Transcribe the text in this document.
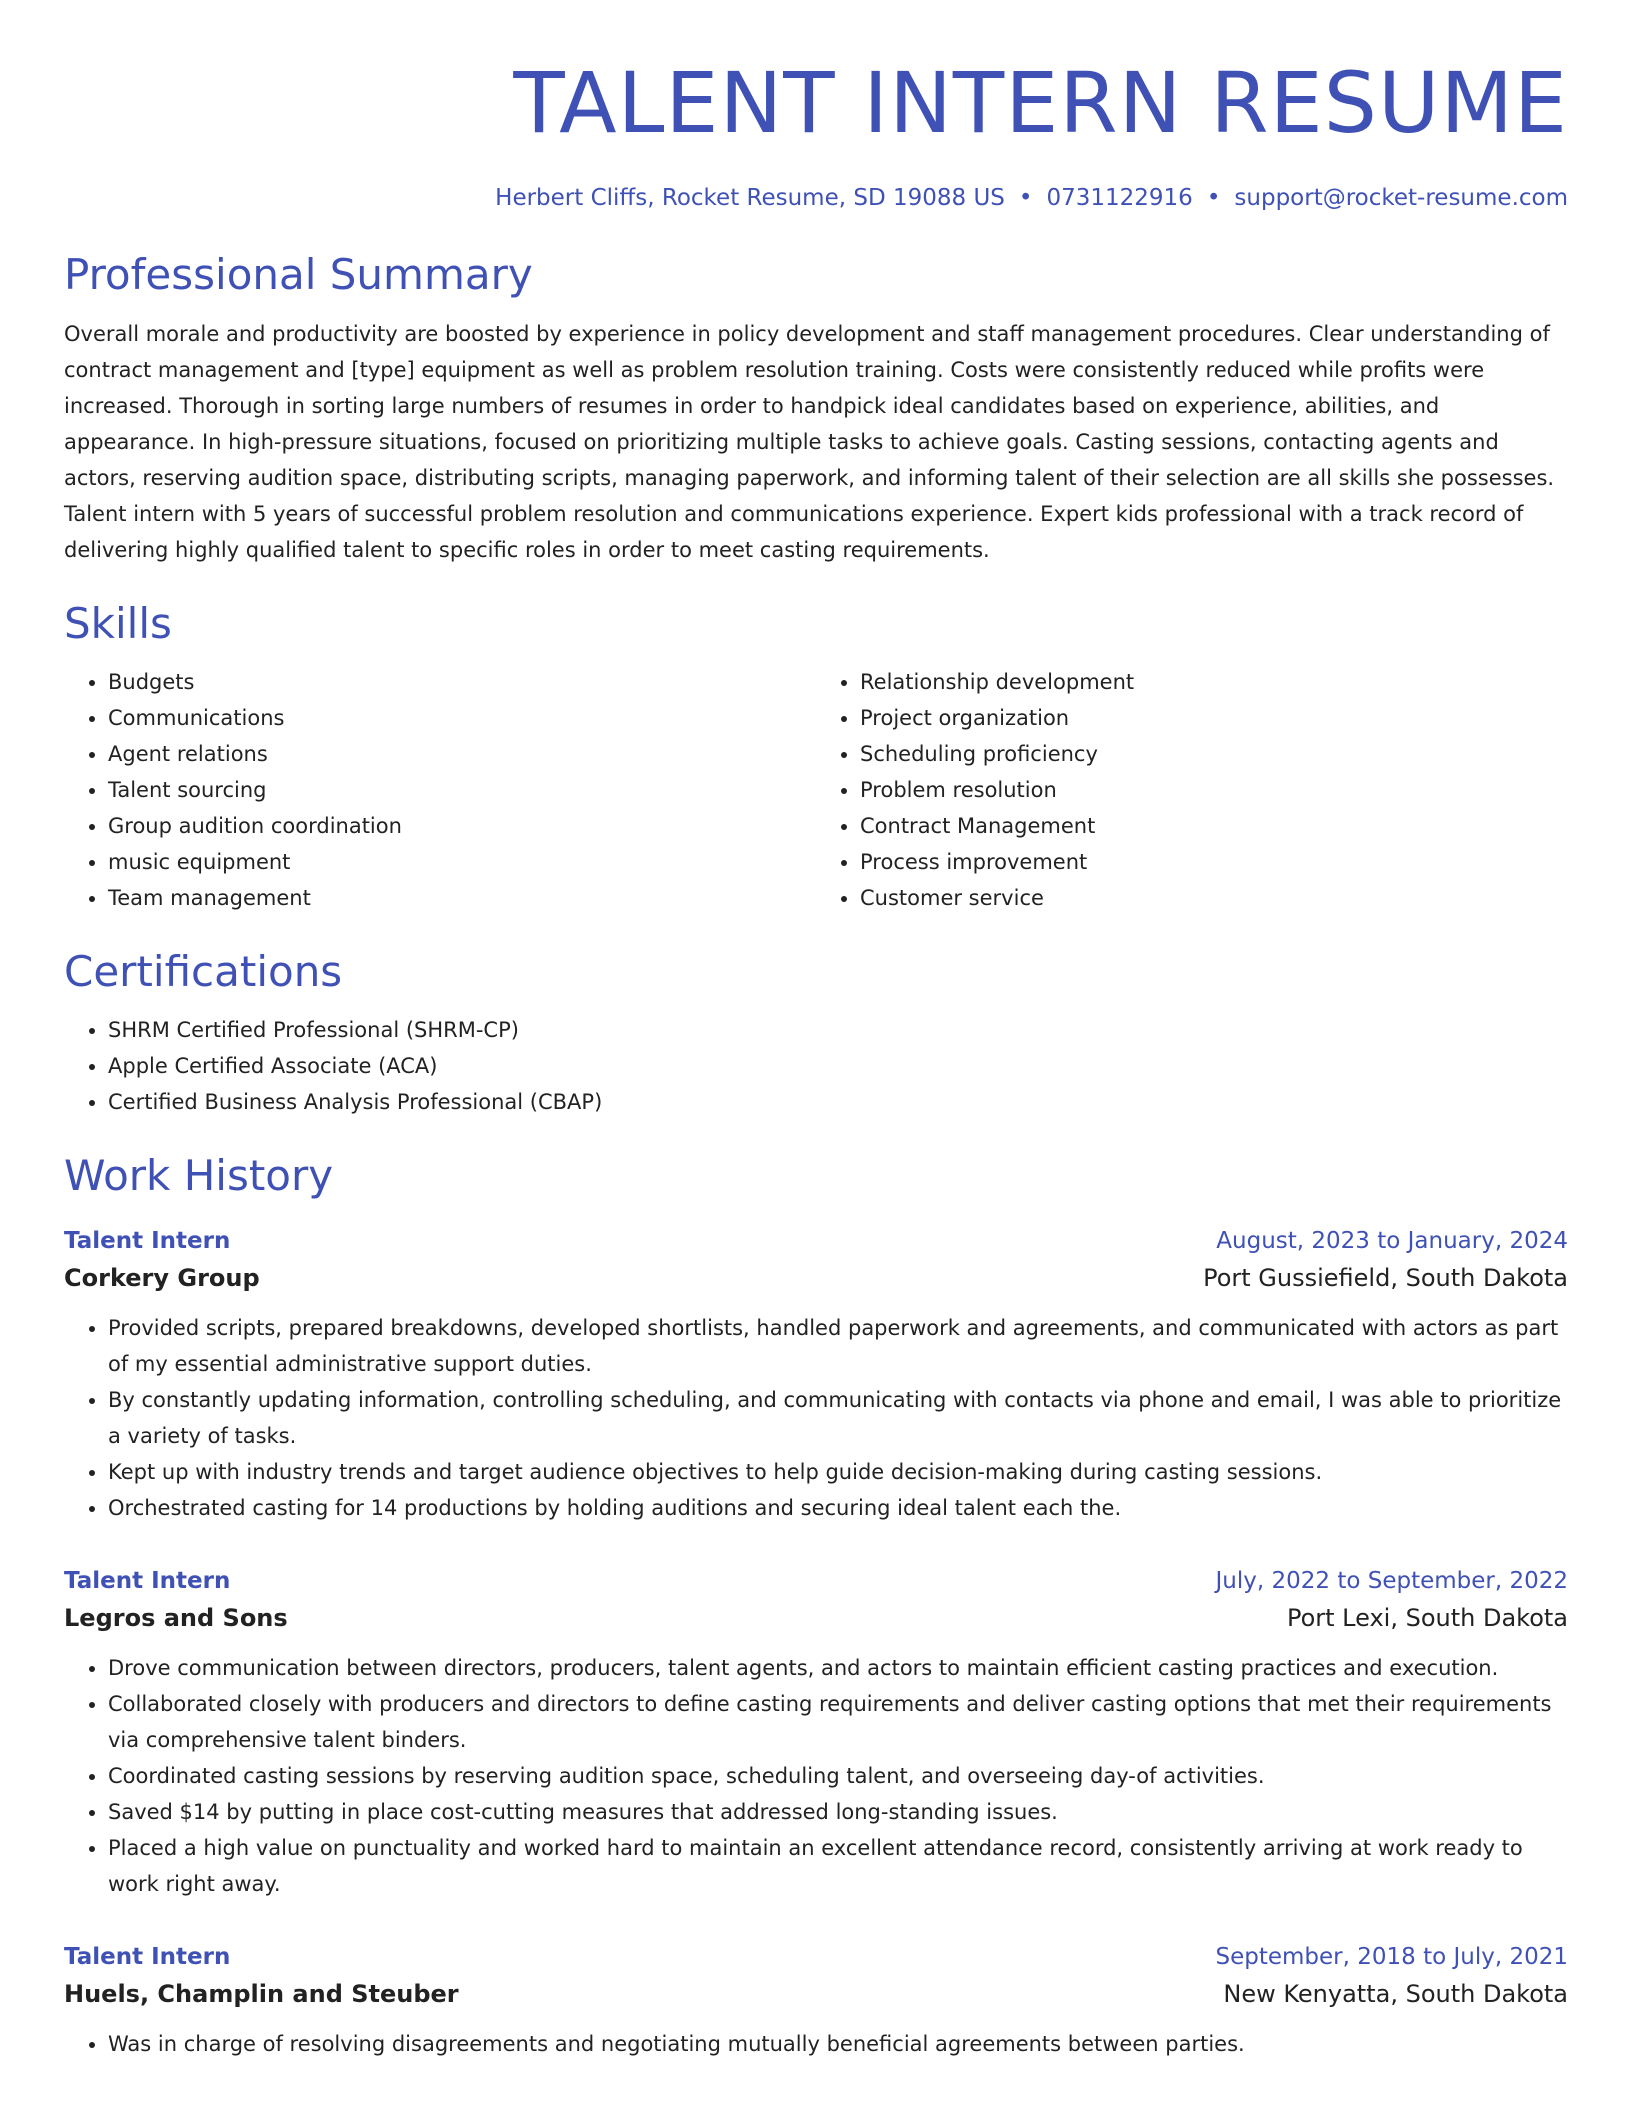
TALENT INTERN RESUME
Herbert Cliffs, Rocket Resume, SD 19088 US • 0731122916 • support@rocket-resume.com
Professional Summary

Overall morale and productivity are boosted by experience in policy development and staff management procedures. Clear understanding of contract management and [type] equipment as well as problem resolution training. Costs were consistently reduced while profits were increased. Thorough in sorting large numbers of resumes in order to handpick ideal candidates based on experience, abilities, and appearance. In high-pressure situations, focused on prioritizing multiple tasks to achieve goals. Casting sessions, contacting agents and actors, reserving audition space, distributing scripts, managing paperwork, and informing talent of their selection are all skills she possesses. Talent intern with 5 years of successful problem resolution and communications experience. Expert kids professional with a track record of delivering highly qualified talent to specific roles in order to meet casting requirements.

Skills
• Budgets
• Communications
• Agent relations
• Talent sourcing
• Group audition coordination
• music equipment
• Team management
• Relationship development
• Project organization
• Scheduling proficiency
• Problem resolution
• Contract Management
• Process improvement
• Customer service
Certifications
• SHRM Certified Professional (SHRM-CP)
• Apple Certified Associate (ACA)
• Certified Business Analysis Professional (CBAP)
Work History
Talent Intern	August, 2023 to January, 2024
Corkery Group	Port Gussiefield, South Dakota
• Provided scripts, prepared breakdowns, developed shortlists, handled paperwork and agreements, and communicated with actors as part of my essential administrative support duties.
• By constantly updating information, controlling scheduling, and communicating with contacts via phone and email, I was able to prioritize a variety of tasks.
• Kept up with industry trends and target audience objectives to help guide decision-making during casting sessions.
• Orchestrated casting for 14 productions by holding auditions and securing ideal talent each the.
Talent Intern	July, 2022 to September, 2022
Legros and Sons	Port Lexi, South Dakota
• Drove communication between directors, producers, talent agents, and actors to maintain efficient casting practices and execution.
• Collaborated closely with producers and directors to define casting requirements and deliver casting options that met their requirements via comprehensive talent binders.
• Coordinated casting sessions by reserving audition space, scheduling talent, and overseeing day-of activities.
• Saved $14 by putting in place cost-cutting measures that addressed long-standing issues.
• Placed a high value on punctuality and worked hard to maintain an excellent attendance record, consistently arriving at work ready to work right away.
Talent Intern	September, 2018 to July, 2021
Huels, Champlin and Steuber	New Kenyatta, South Dakota
• Was in charge of resolving disagreements and negotiating mutually beneficial agreements between parties.
